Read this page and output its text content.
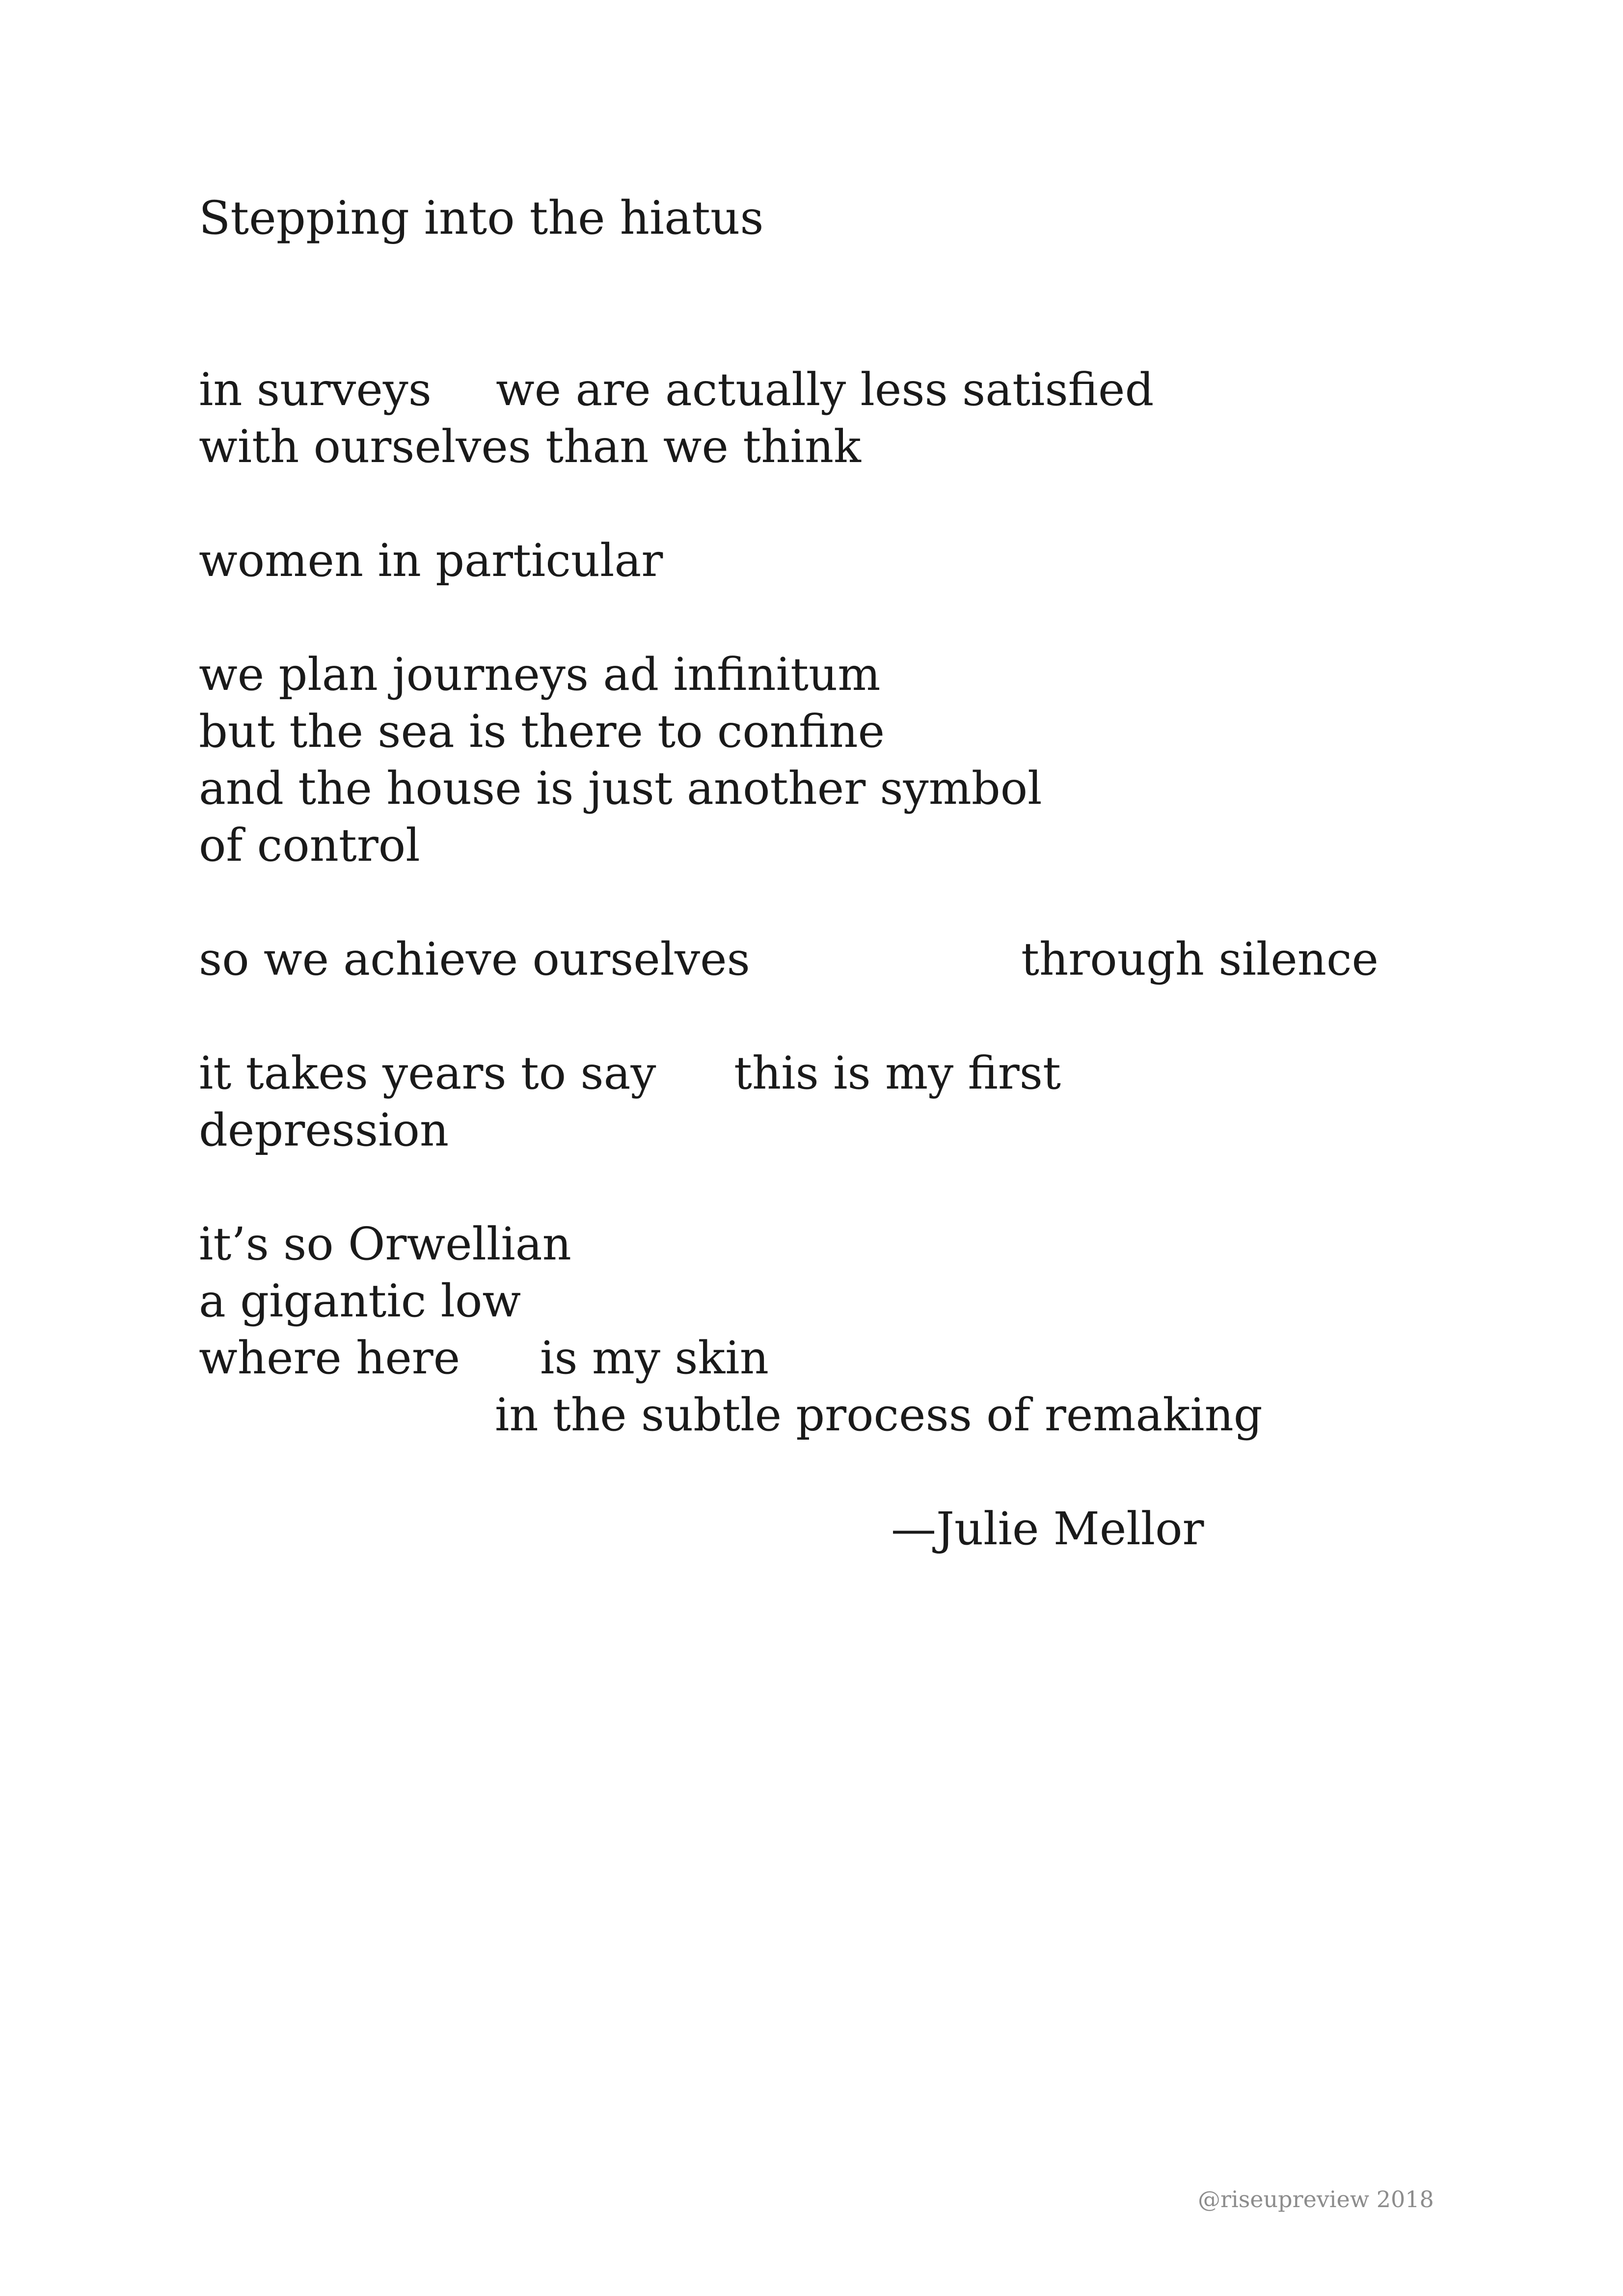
Stepping into the hiatus
in surveys we are actually less satisfied
with ourselves than we think
women in particular
we plan journeys ad infinitum
but the sea is there to confine
and the house is just another symbol
of control
so we achieve ourselves	through silence
it takes years to say this is my first
depression
it’s so Orwellian
a gigantic low
where here is my skin
in the subtle process of remaking
—Julie Mellor
@riseupreview 2018
